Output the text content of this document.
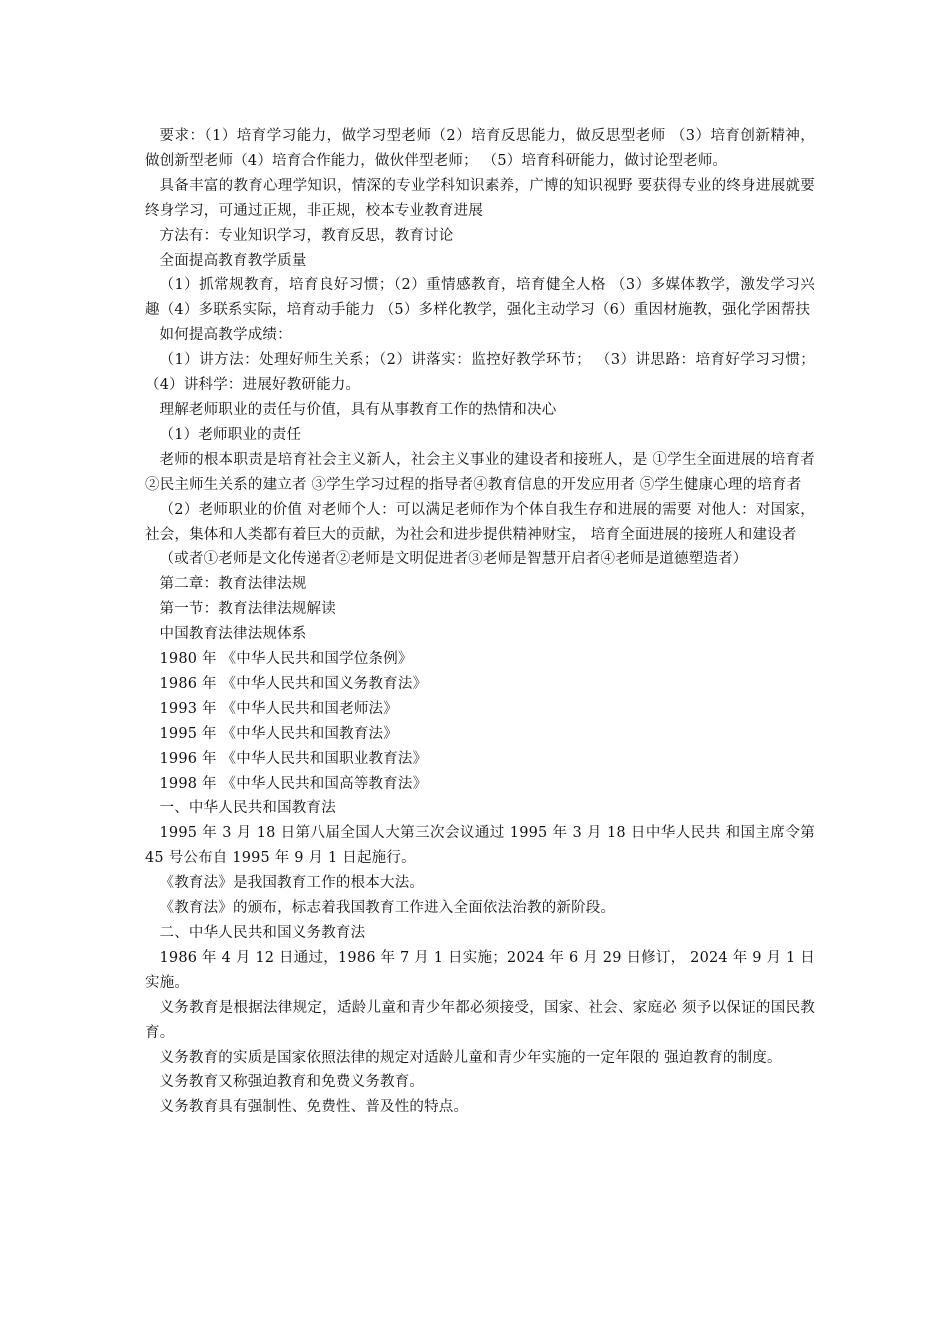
要求：（1）培育学习能力，做学习型老师（2）培育反思能力，做反思型老师 （3）培育创新精神，做创新型老师（4）培育合作能力，做伙伴型老师； （5）培育科研能力，做讨论型老师。

具备丰富的教育心理学知识，情深的专业学科知识素养，广博的知识视野 要获得专业的终身进展就要终身学习，可通过正规，非正规，校本专业教育进展

方法有：专业知识学习，教育反思，教育讨论

全面提高教育教学质量

（1）抓常规教育，培育良好习惯；（2）重情感教育，培育健全人格 （3）多媒体教学，激发学习兴趣（4）多联系实际，培育动手能力 （5）多样化教学，强化主动学习（6）重因材施教，强化学困帮扶

如何提高教学成绩：

（1）讲方法：处理好师生关系；（2）讲落实：监控好教学环节； （3）讲思路：培育好学习习惯；（4）讲科学：进展好教研能力。

理解老师职业的责任与价值，具有从事教育工作的热情和决心

（1）老师职业的责任

老师的根本职责是培育社会主义新人，社会主义事业的建设者和接班人，是 ①学生全面进展的培育者②民主师生关系的建立者 ③学生学习过程的指导者④教育信息的开发应用者 ⑤学生健康心理的培育者

（2）老师职业的价值 对老师个人：可以满足老师作为个体自我生存和进展的需要 对他人：对国家，社会，集体和人类都有着巨大的贡献，为社会和进步提供精神财宝， 培育全面进展的接班人和建设者

（或者①老师是文化传递者②老师是文明促进者③老师是智慧开启者④老师是道德塑造者）

第二章：教育法律法规

第一节：教育法律法规解读

中国教育法律法规体系

1980 年 《中华人民共和国学位条例》

1986 年 《中华人民共和国义务教育法》

1993 年 《中华人民共和国老师法》

1995 年 《中华人民共和国教育法》

1996 年 《中华人民共和国职业教育法》

1998 年 《中华人民共和国高等教育法》

一、中华人民共和国教育法

1995 年 3 月 18 日第八届全国人大第三次会议通过 1995 年 3 月 18 日中华人民共 和国主席令第 45 号公布自 1995 年 9 月 1 日起施行。

《教育法》是我国教育工作的根本大法。

《教育法》的颁布，标志着我国教育工作进入全面依法治教的新阶段。

二、中华人民共和国义务教育法

1986 年 4 月 12 日通过，1986 年 7 月 1 日实施；2024 年 6 月 29 日修订， 2024 年 9 月 1 日实施。

义务教育是根据法律规定，适龄儿童和青少年都必须接受，国家、社会、家庭必 须予以保证的国民教育。

义务教育的实质是国家依照法律的规定对适龄儿童和青少年实施的一定年限的 强迫教育的制度。

义务教育又称强迫教育和免费义务教育。

义务教育具有强制性、免费性、普及性的特点。
